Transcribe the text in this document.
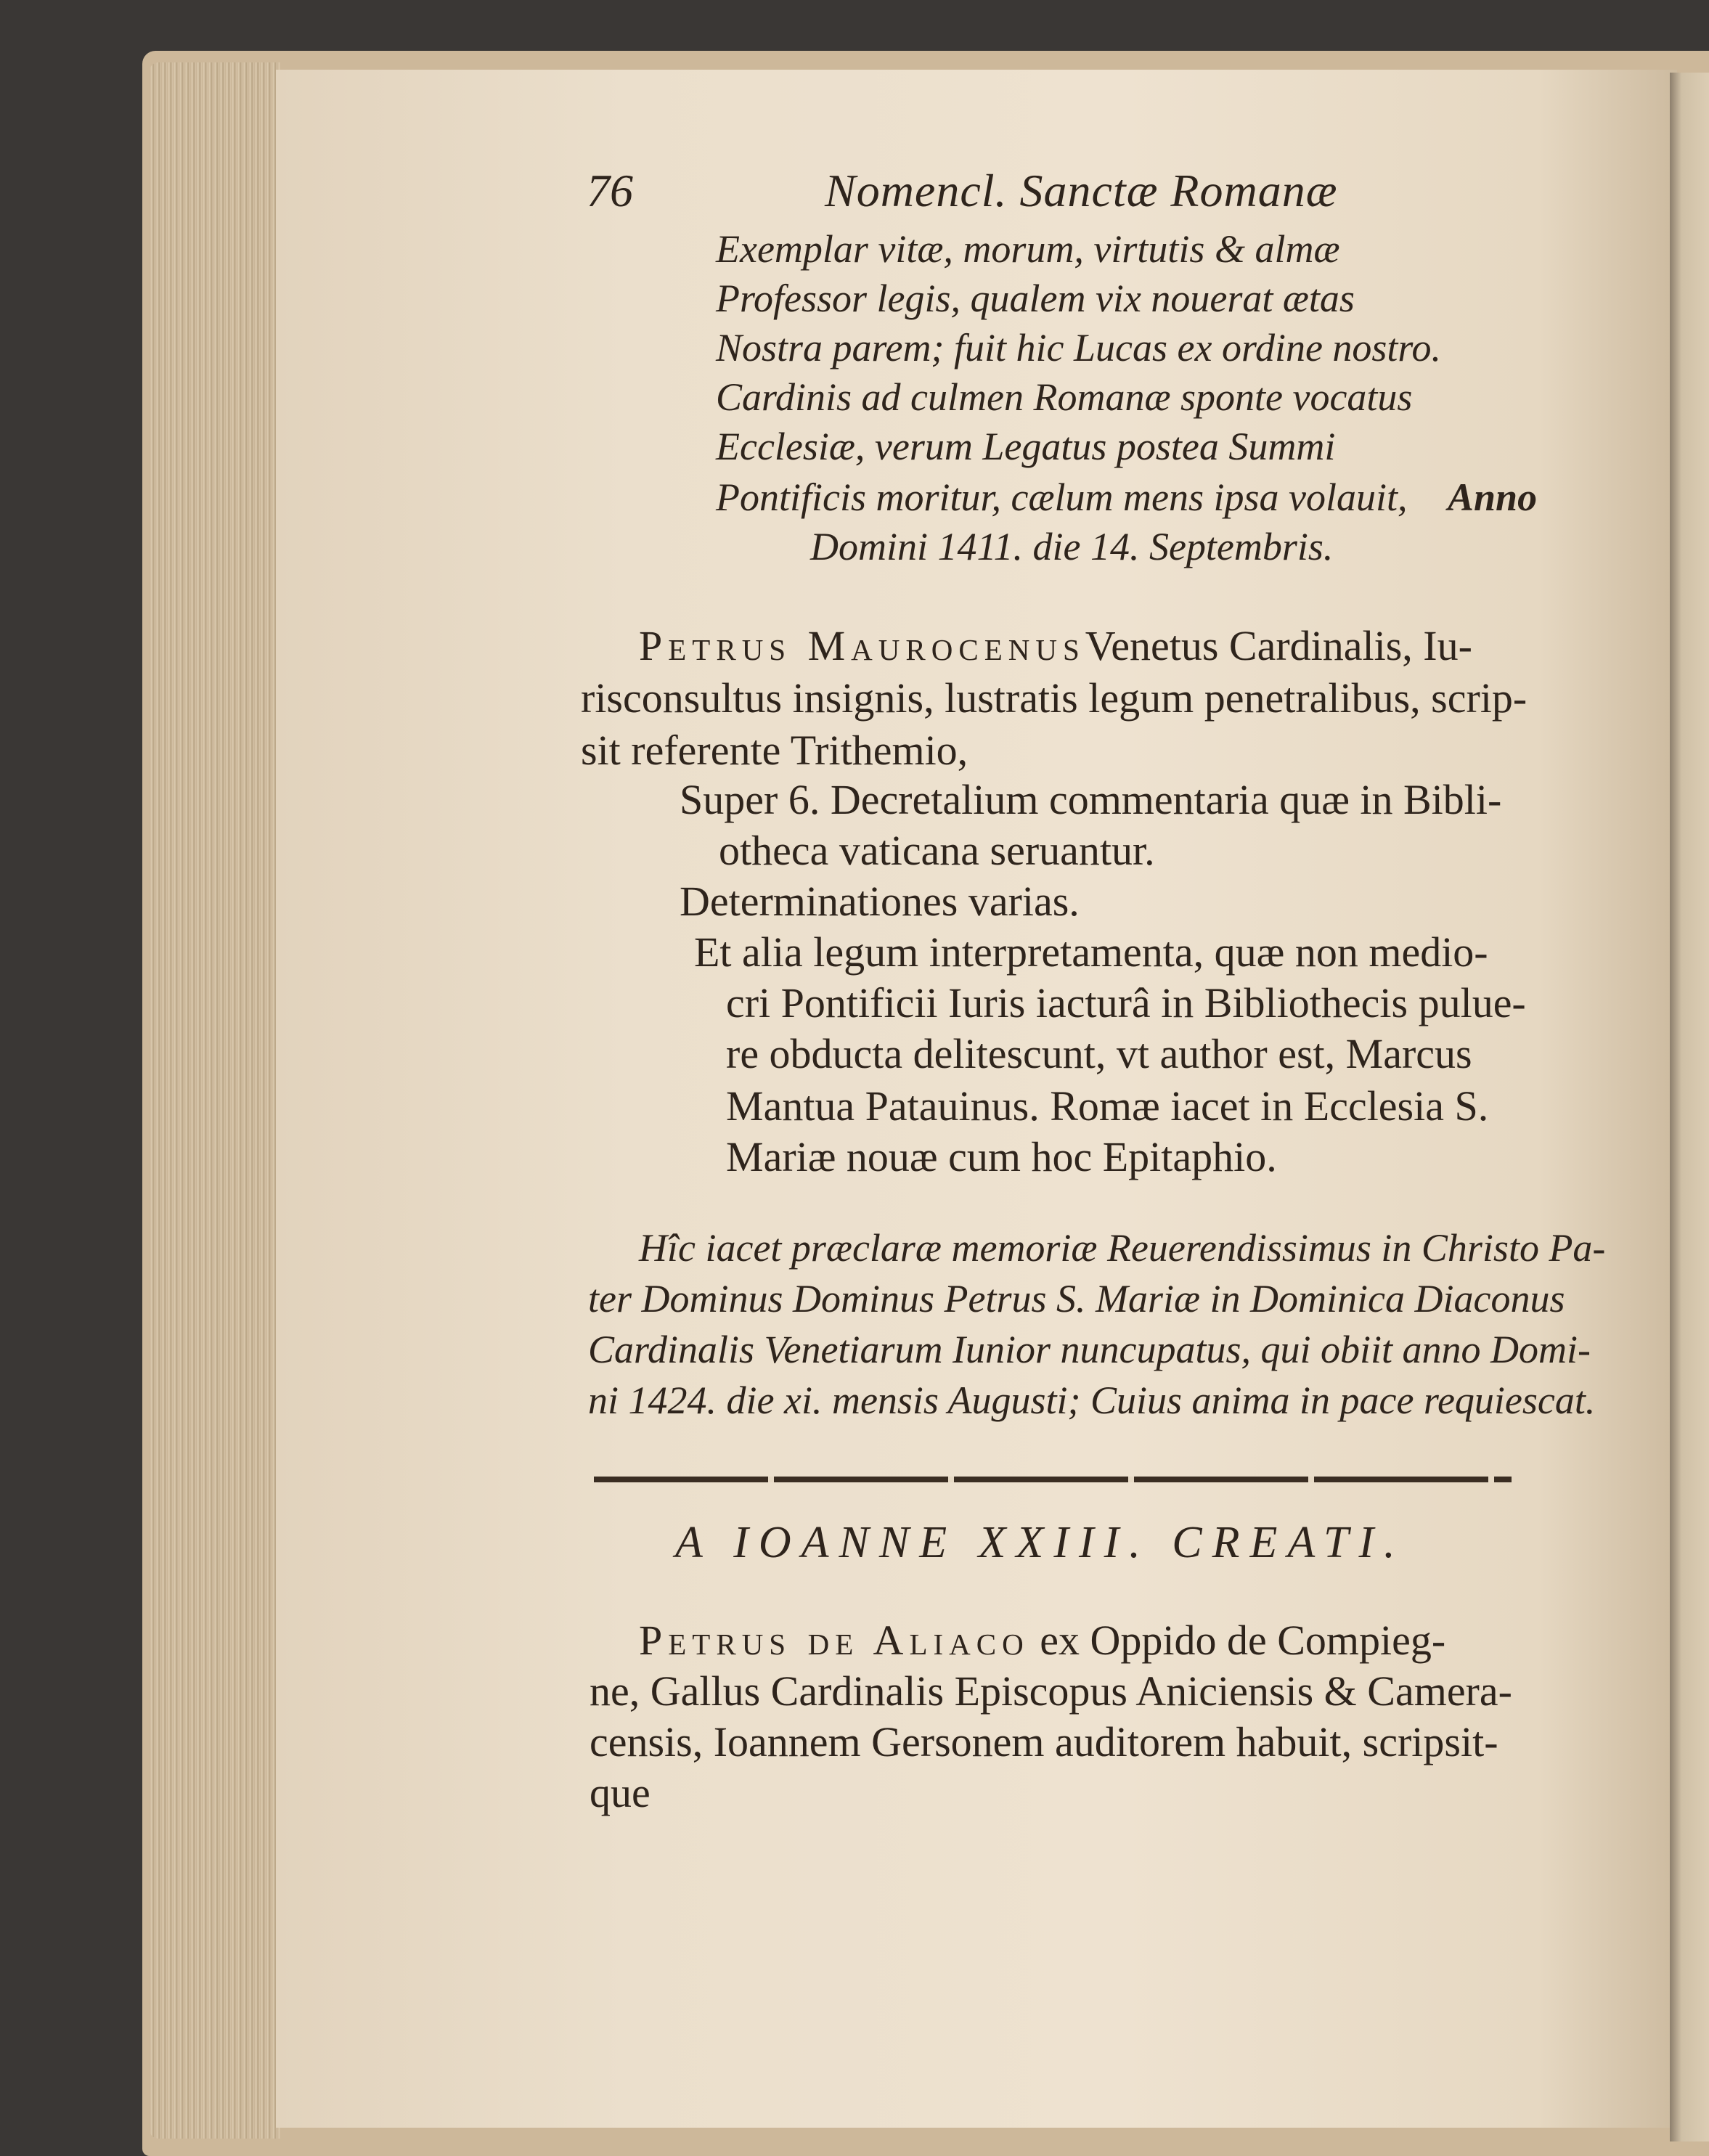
76	Nomencl. Sanctæ Romanæ
Exemplar vitæ, morum, virtutis & almæ
Professor legis, qualem vix nouerat ætas
Nostra parem; fuit hic Lucas ex ordine nostro.
Cardinis ad culmen Romanæ sponte vocatus
Ecclesiæ, verum Legatus postea Summi
Pontificis moritur, cælum mens ipsa volauit, Anno
Domini 1411. die 14. Septembris.
Petrus MaurocenusVenetus Cardinalis, Iu-
risconsultus insignis, lustratis legum penetralibus, scrip-
sit referente Trithemio,
Super 6. Decretalium commentaria quæ in Bibli-
otheca vaticana seruantur.
Determinationes varias.
Et alia legum interpretamenta, quæ non medio-
cri Pontificii Iuris iacturâ in Bibliothecis pulue-
re obducta delitescunt, vt author est, Marcus
Mantua Patauinus. Romæ iacet in Ecclesia S.
Mariæ nouæ cum hoc Epitaphio.
Hîc iacet præclaræ memoriæ Reuerendissimus in Christo Pa-
ter Dominus Dominus Petrus S. Mariæ in Dominica Diaconus
Cardinalis Venetiarum Iunior nuncupatus, qui obiit anno Domi-
ni 1424. die xi. mensis Augusti; Cuius anima in pace requiescat.
A IOANNE XXIII. CREATI.
Petrus de Aliaco ex Oppido de Compieg-
ne, Gallus Cardinalis Episcopus Aniciensis & Camera-
censis, Ioannem Gersonem auditorem habuit, scripsit-
que
